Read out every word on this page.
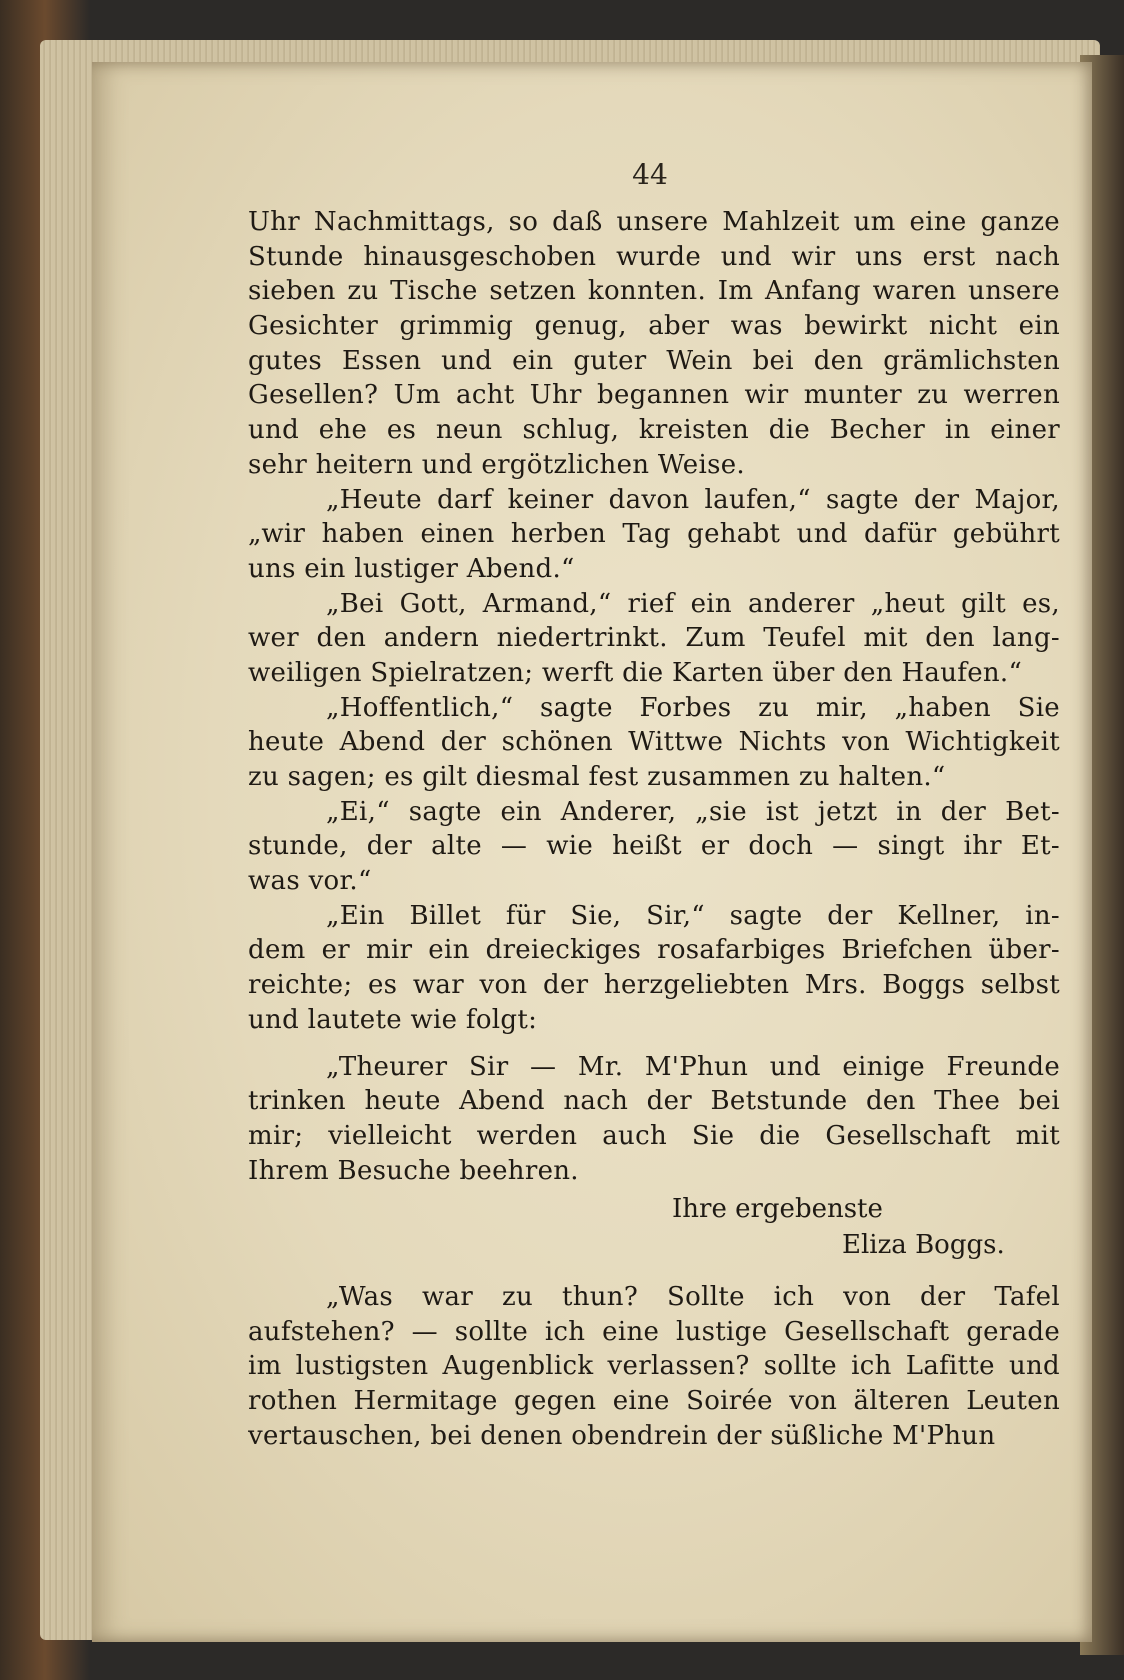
44
Uhr Nachmittags, so daß unsere Mahlzeit um eine ganze
Stunde hinausgeschoben wurde und wir uns erst nach
sieben zu Tische setzen konnten. Im Anfang waren unsere
Gesichter grimmig genug, aber was bewirkt nicht ein
gutes Essen und ein guter Wein bei den grämlichsten
Gesellen? Um acht Uhr begannen wir munter zu werren
und ehe es neun schlug, kreisten die Becher in einer
sehr heitern und ergötzlichen Weise.
„Heute darf keiner davon laufen,“ sagte der Major,
„wir haben einen herben Tag gehabt und dafür gebührt
uns ein lustiger Abend.“
„Bei Gott, Armand,“ rief ein anderer „heut gilt es,
wer den andern niedertrinkt. Zum Teufel mit den lang-
weiligen Spielratzen; werft die Karten über den Haufen.“
„Hoffentlich,“ sagte Forbes zu mir, „haben Sie
heute Abend der schönen Wittwe Nichts von Wichtigkeit
zu sagen; es gilt diesmal fest zusammen zu halten.“
„Ei,“ sagte ein Anderer, „sie ist jetzt in der Bet-
stunde, der alte — wie heißt er doch — singt ihr Et-
was vor.“
„Ein Billet für Sie, Sir,“ sagte der Kellner, in-
dem er mir ein dreieckiges rosafarbiges Briefchen über-
reichte; es war von der herzgeliebten Mrs. Boggs selbst
und lautete wie folgt:
„Theurer Sir — Mr. M'Phun und einige Freunde
trinken heute Abend nach der Betstunde den Thee bei
mir; vielleicht werden auch Sie die Gesellschaft mit
Ihrem Besuche beehren.
Ihre ergebenste
Eliza Boggs.
„Was war zu thun? Sollte ich von der Tafel
aufstehen? — sollte ich eine lustige Gesellschaft gerade
im lustigsten Augenblick verlassen? sollte ich Lafitte und
rothen Hermitage gegen eine Soirée von älteren Leuten
vertauschen, bei denen obendrein der süßliche M'Phun
